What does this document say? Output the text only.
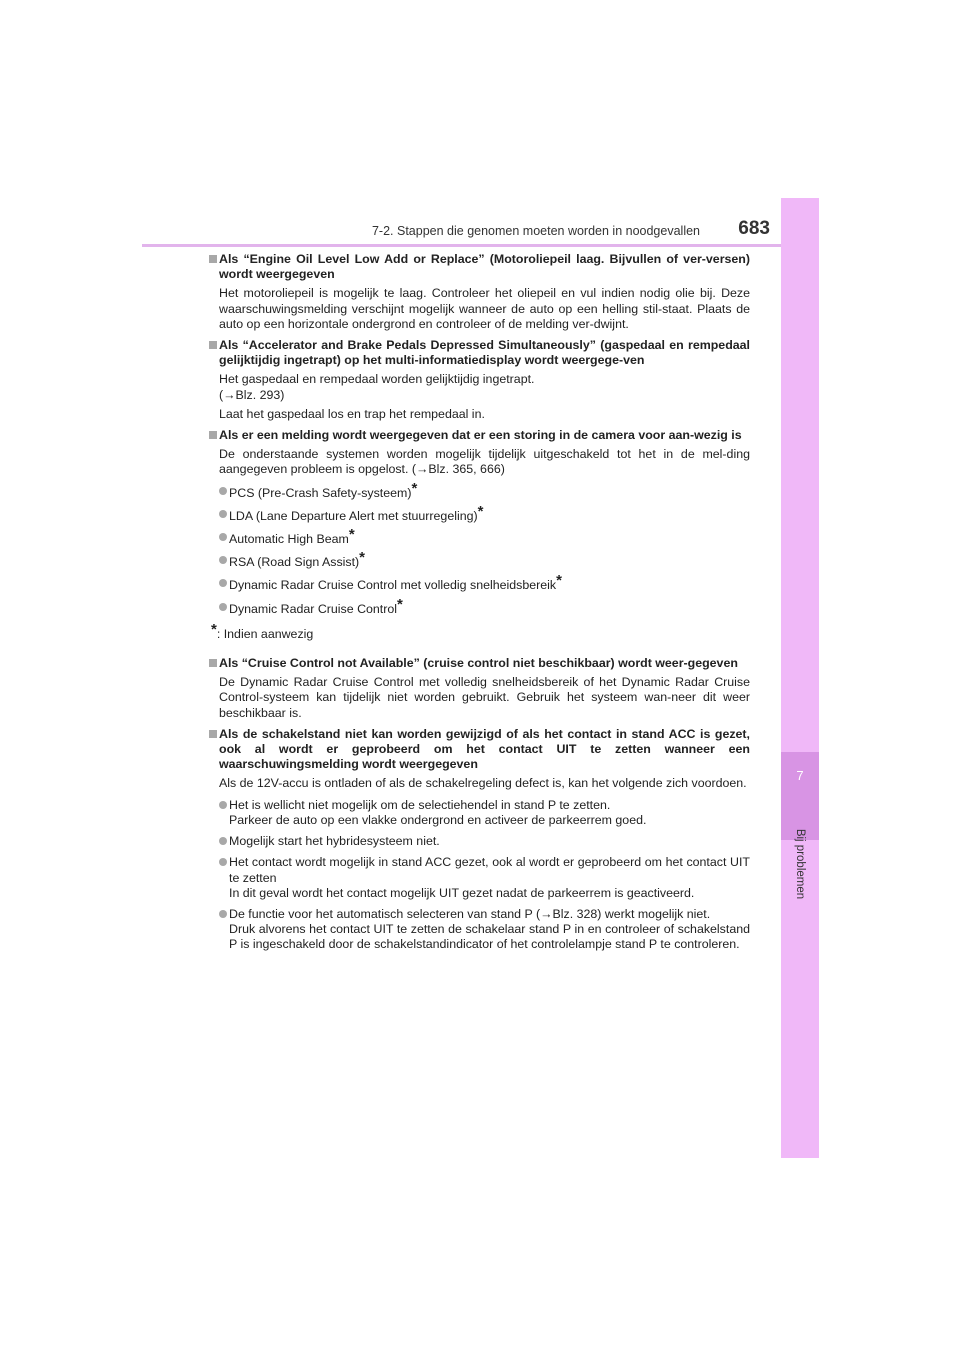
7-2. Stappen die genomen moeten worden in noodgevallen 683
7
Bij problemen
Als “Engine Oil Level Low Add or Replace” (Motoroliepeil laag. Bijvullen of ver-versen) wordt weergegeven
Het motoroliepeil is mogelijk te laag. Controleer het oliepeil en vul indien nodig olie bij. Deze waarschuwingsmelding verschijnt mogelijk wanneer de auto op een helling stil-staat. Plaats de auto op een horizontale ondergrond en controleer of de melding ver-dwijnt.
Als “Accelerator and Brake Pedals Depressed Simultaneously” (gaspedaal en rempedaal gelijktijdig ingetrapt) op het multi-informatiedisplay wordt weergege-ven
Het gaspedaal en rempedaal worden gelijktijdig ingetrapt.
(→Blz. 293)
Laat het gaspedaal los en trap het rempedaal in.
Als er een melding wordt weergegeven dat er een storing in de camera voor aan-wezig is
De onderstaande systemen worden mogelijk tijdelijk uitgeschakeld tot het in de mel-ding aangegeven probleem is opgelost. (→Blz. 365, 666)
PCS (Pre-Crash Safety-systeem)*
LDA (Lane Departure Alert met stuurregeling)*
Automatic High Beam*
RSA (Road Sign Assist)*
Dynamic Radar Cruise Control met volledig snelheidsbereik*
Dynamic Radar Cruise Control*
*: Indien aanwezig
Als “Cruise Control not Available” (cruise control niet beschikbaar) wordt weer-gegeven
De Dynamic Radar Cruise Control met volledig snelheidsbereik of het Dynamic Radar Cruise Control-systeem kan tijdelijk niet worden gebruikt. Gebruik het systeem wan-neer dit weer beschikbaar is.
Als de schakelstand niet kan worden gewijzigd of als het contact in stand ACC is gezet, ook al wordt er geprobeerd om het contact UIT te zetten wanneer een waarschuwingsmelding wordt weergegeven
Als de 12V-accu is ontladen of als de schakelregeling defect is, kan het volgende zich voordoen.
Het is wellicht niet mogelijk om de selectiehendel in stand P te zetten.
Parkeer de auto op een vlakke ondergrond en activeer de parkeerrem goed.
Mogelijk start het hybridesysteem niet.
Het contact wordt mogelijk in stand ACC gezet, ook al wordt er geprobeerd om het contact UIT te zetten
In dit geval wordt het contact mogelijk UIT gezet nadat de parkeerrem is geactiveerd.
De functie voor het automatisch selecteren van stand P (→Blz. 328) werkt mogelijk niet.
Druk alvorens het contact UIT te zetten de schakelaar stand P in en controleer of schakelstand P is ingeschakeld door de schakelstandindicator of het controlelampje stand P te controleren.
